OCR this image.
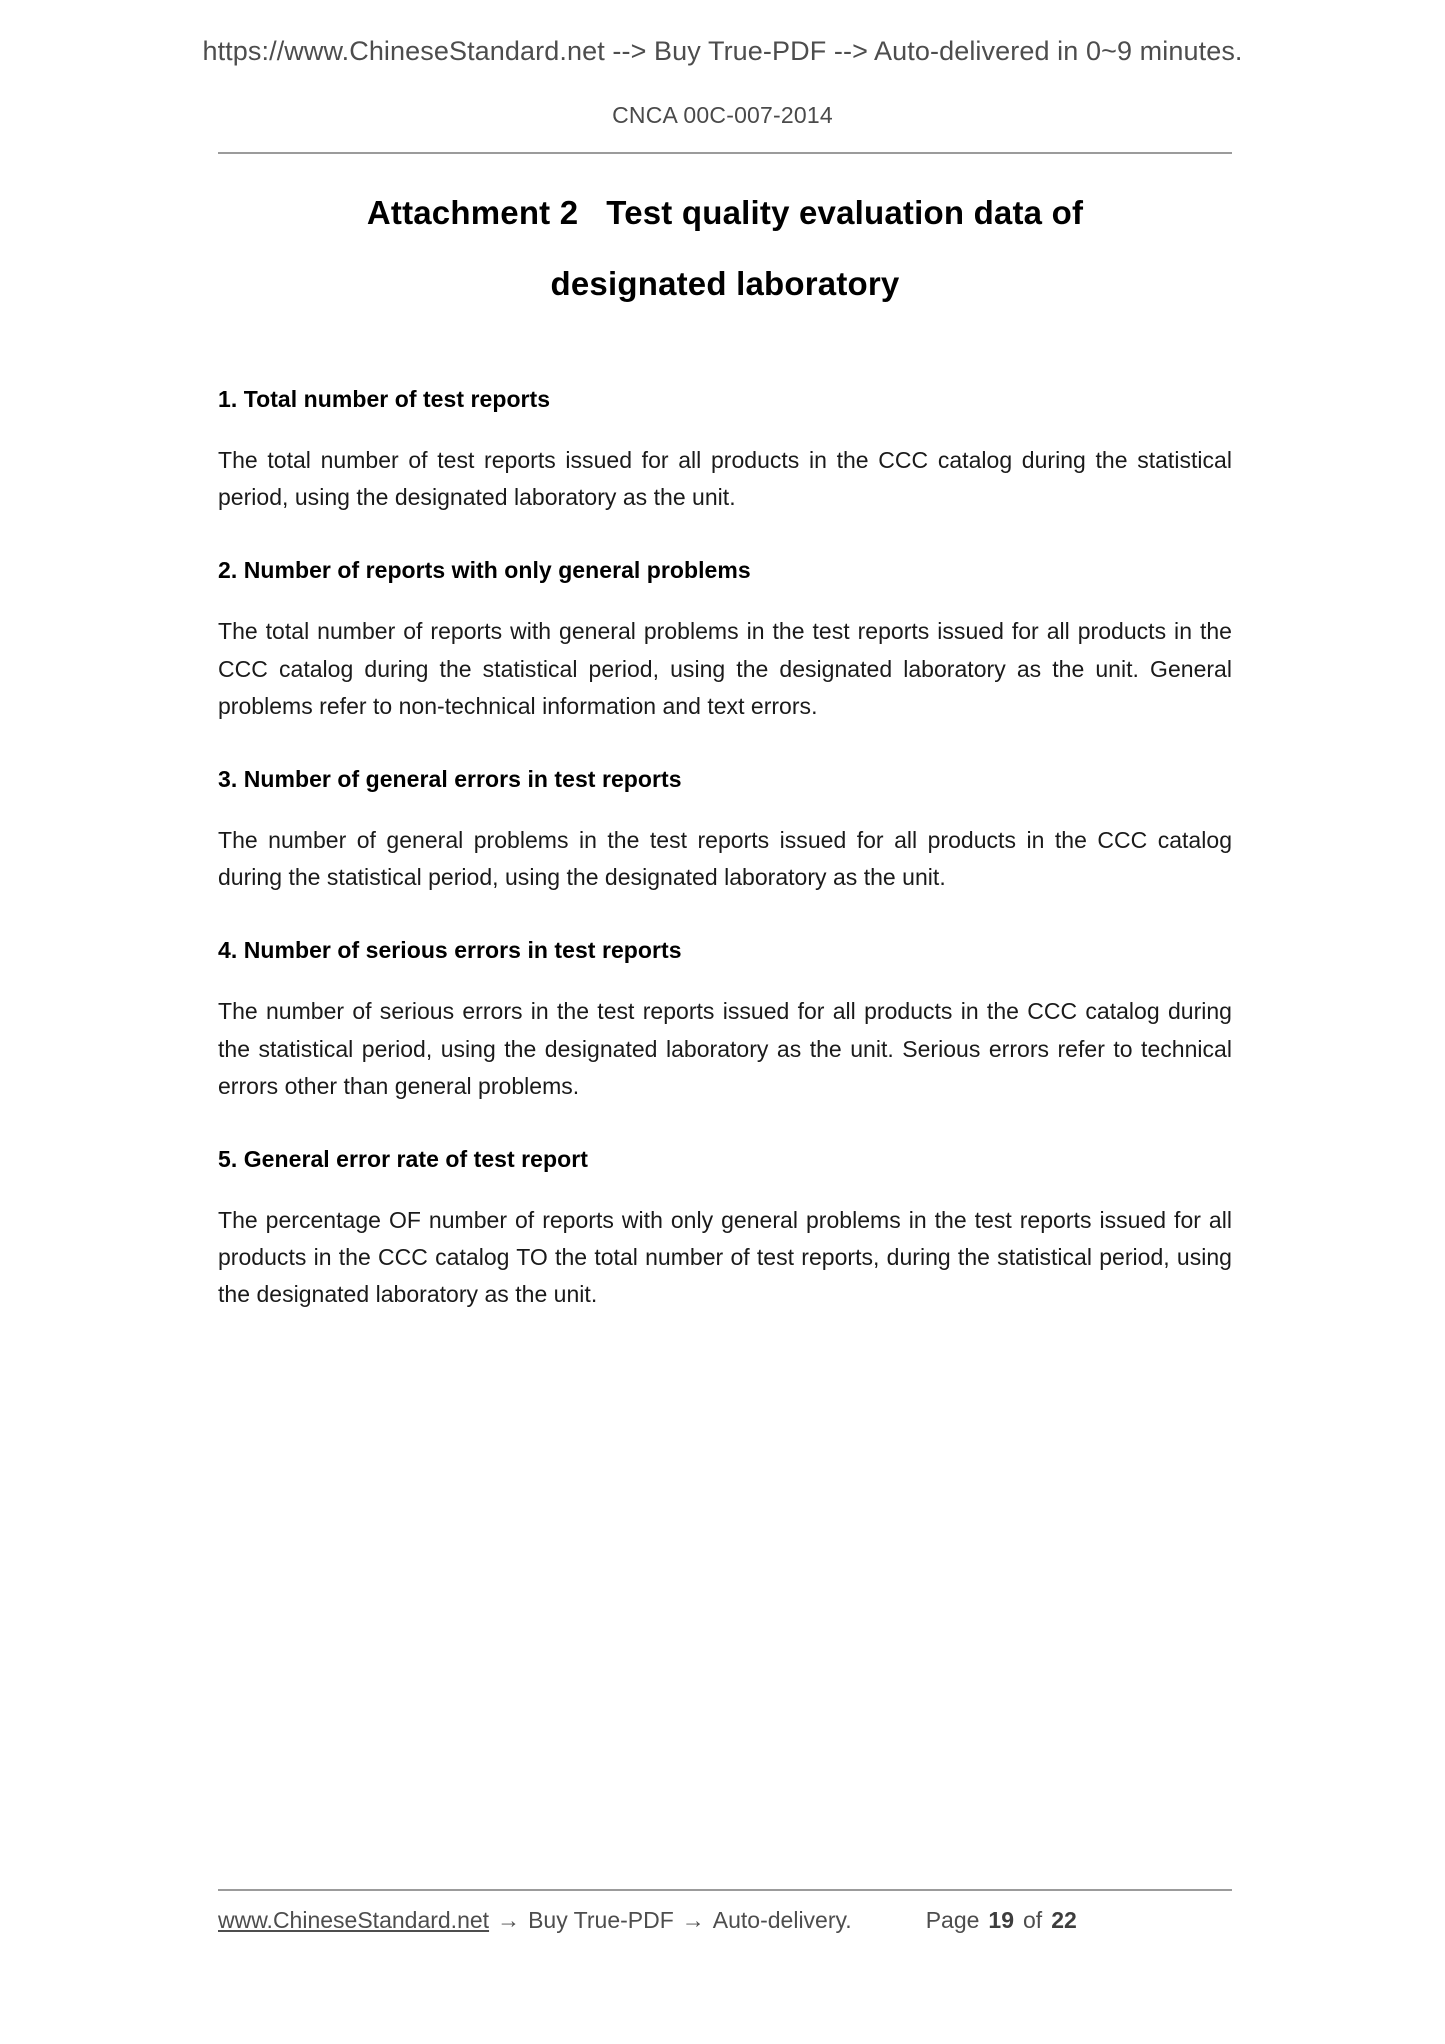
https://www.ChineseStandard.net --> Buy True-PDF --> Auto-delivered in 0~9 minutes.
CNCA 00C-007-2014
Attachment 2 Test quality evaluation data of
designated laboratory

1. Total number of test reports

The total number of test reports issued for all products in the CCC catalog during the statistical period, using the designated laboratory as the unit.

2. Number of reports with only general problems

The total number of reports with general problems in the test reports issued for all products in the CCC catalog during the statistical period, using the designated laboratory as the unit. General problems refer to non-technical information and text errors.

3. Number of general errors in test reports

The number of general problems in the test reports issued for all products in the CCC catalog during the statistical period, using the designated laboratory as the unit.

4. Number of serious errors in test reports

The number of serious errors in the test reports issued for all products in the CCC catalog during the statistical period, using the designated laboratory as the unit. Serious errors refer to technical errors other than general problems.

5. General error rate of test report

The percentage OF number of reports with only general problems in the test reports issued for all products in the CCC catalog TO the total number of test reports, during the statistical period, using the designated laboratory as the unit.

www.ChineseStandard.net → Buy True-PDF → Auto-delivery.	Page 19 of 22
